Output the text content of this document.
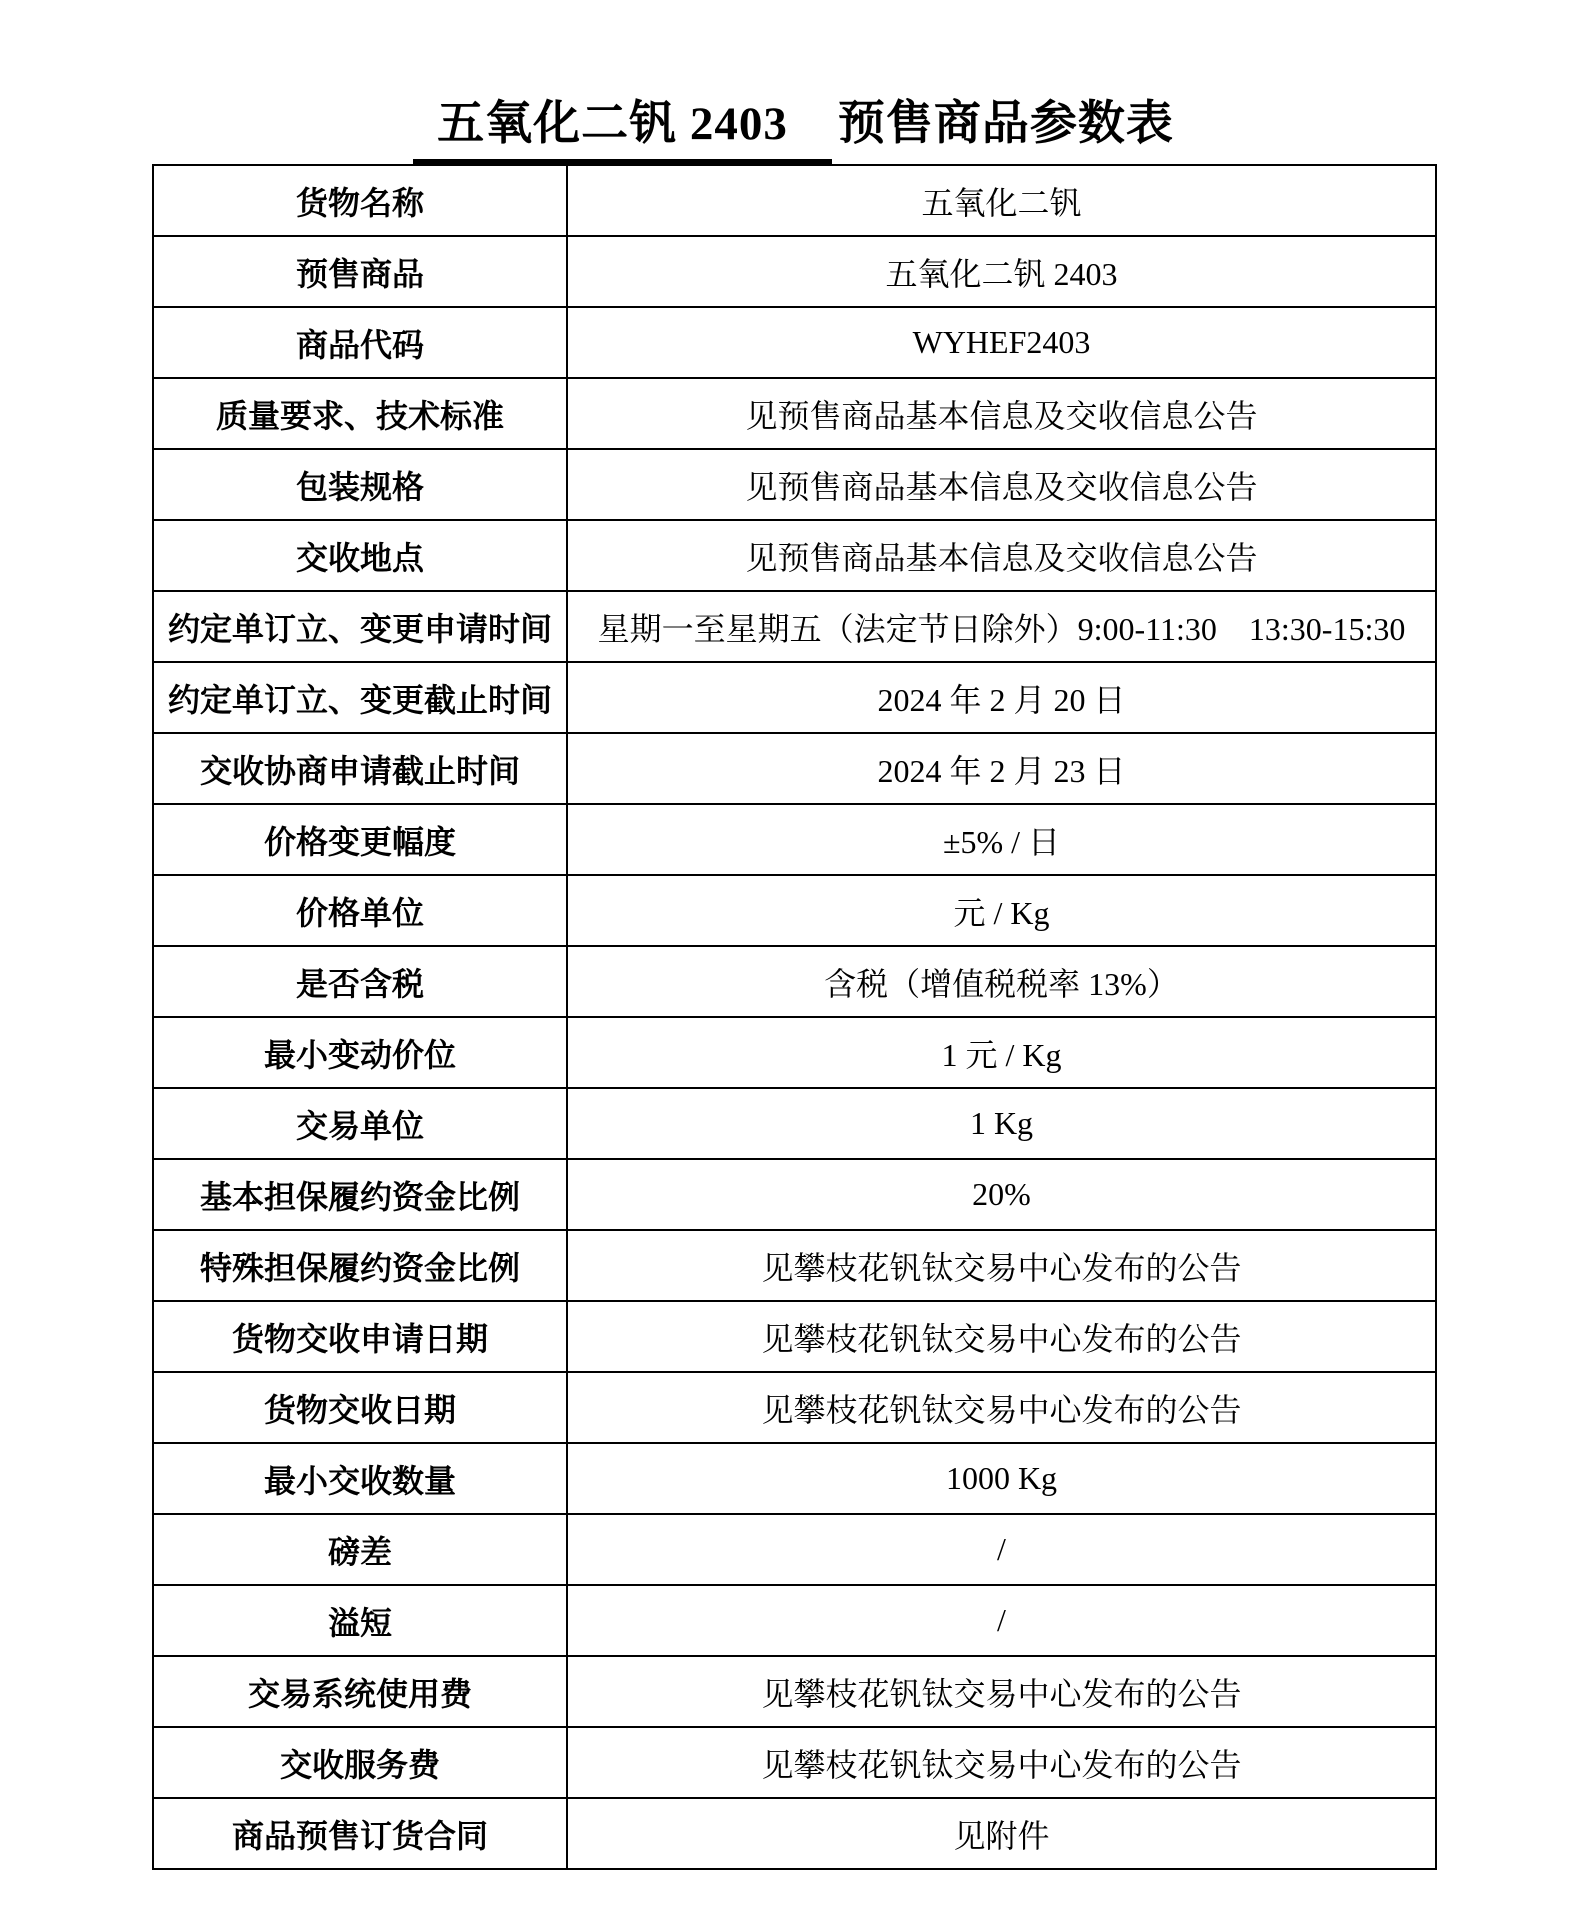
五氧化二钒 2403 预售商品参数表
货物名称	五氧化二钒
预售商品	五氧化二钒 2403
商品代码	WYHEF2403
质量要求、技术标准	见预售商品基本信息及交收信息公告
包装规格	见预售商品基本信息及交收信息公告
交收地点	见预售商品基本信息及交收信息公告
约定单订立、变更申请时间	星期一至星期五（法定节日除外）9:00-11:30　13:30-15:30
约定单订立、变更截止时间	2024 年 2 月 20 日
交收协商申请截止时间	2024 年 2 月 23 日
价格变更幅度	±5% / 日
价格单位	元 / Kg
是否含税	含税（增值税税率 13%）
最小变动价位	1 元 / Kg
交易单位	1 Kg
基本担保履约资金比例	20%
特殊担保履约资金比例	见攀枝花钒钛交易中心发布的公告
货物交收申请日期	见攀枝花钒钛交易中心发布的公告
货物交收日期	见攀枝花钒钛交易中心发布的公告
最小交收数量	1000 Kg
磅差	/
溢短	/
交易系统使用费	见攀枝花钒钛交易中心发布的公告
交收服务费	见攀枝花钒钛交易中心发布的公告
商品预售订货合同	见附件
